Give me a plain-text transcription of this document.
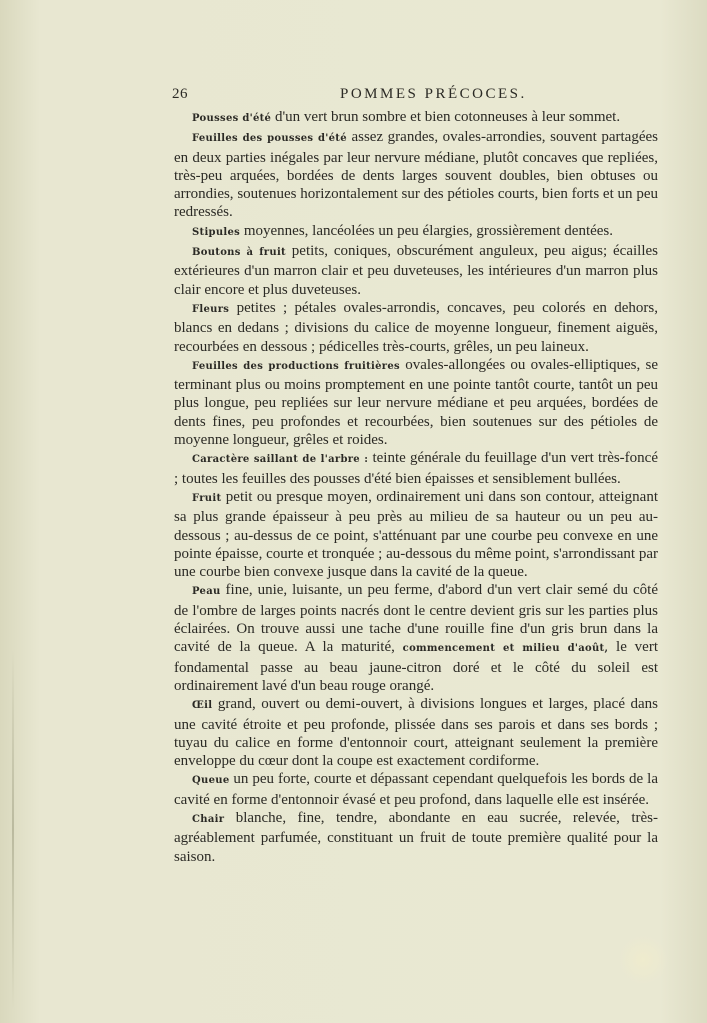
26	POMMES PRÉCOCES.

Pousses d'été d'un vert brun sombre et bien cotonneuses à leur sommet.

Feuilles des pousses d'été assez grandes, ovales-arrondies, souvent partagées en deux parties inégales par leur nervure médiane, plutôt concaves que repliées, très-peu arquées, bordées de dents larges souvent doubles, bien obtuses ou arrondies, soutenues horizontalement sur des pétioles courts, bien forts et un peu redressés.

Stipules moyennes, lancéolées un peu élargies, grossièrement dentées.

Boutons à fruit petits, coniques, obscurément anguleux, peu aigus; écailles extérieures d'un marron clair et peu duveteuses, les intérieures d'un marron plus clair encore et plus duveteuses.

Fleurs petites ; pétales ovales-arrondis, concaves, peu colorés en dehors, blancs en dedans ; divisions du calice de moyenne longueur, finement aiguës, recourbées en dessous ; pédicelles très-courts, grêles, un peu laineux.

Feuilles des productions fruitières ovales-allongées ou ovales-elliptiques, se terminant plus ou moins promptement en une pointe tantôt courte, tantôt un peu plus longue, peu repliées sur leur nervure médiane et peu arquées, bordées de dents fines, peu profondes et recourbées, bien soutenues sur des pétioles de moyenne longueur, grêles et roides.

Caractère saillant de l'arbre : teinte générale du feuillage d'un vert très-foncé ; toutes les feuilles des pousses d'été bien épaisses et sensiblement bullées.

Fruit petit ou presque moyen, ordinairement uni dans son contour, atteignant sa plus grande épaisseur à peu près au milieu de sa hauteur ou un peu au-dessous ; au-dessus de ce point, s'atténuant par une courbe peu convexe en une pointe épaisse, courte et tronquée ; au-dessous du même point, s'arrondissant par une courbe bien convexe jusque dans la cavité de la queue.

Peau fine, unie, luisante, un peu ferme, d'abord d'un vert clair semé du côté de l'ombre de larges points nacrés dont le centre devient gris sur les parties plus éclairées. On trouve aussi une tache d'une rouille fine d'un gris brun dans la cavité de la queue. A la maturité, commencement et milieu d'août, le vert fondamental passe au beau jaune-citron doré et le côté du soleil est ordinairement lavé d'un beau rouge orangé.

Œil grand, ouvert ou demi-ouvert, à divisions longues et larges, placé dans une cavité étroite et peu profonde, plissée dans ses parois et dans ses bords ; tuyau du calice en forme d'entonnoir court, atteignant seulement la première enveloppe du cœur dont la coupe est exactement cordiforme.

Queue un peu forte, courte et dépassant cependant quelquefois les bords de la cavité en forme d'entonnoir évasé et peu profond, dans laquelle elle est insérée.

Chair blanche, fine, tendre, abondante en eau sucrée, relevée, très-agréablement parfumée, constituant un fruit de toute première qualité pour la saison.
